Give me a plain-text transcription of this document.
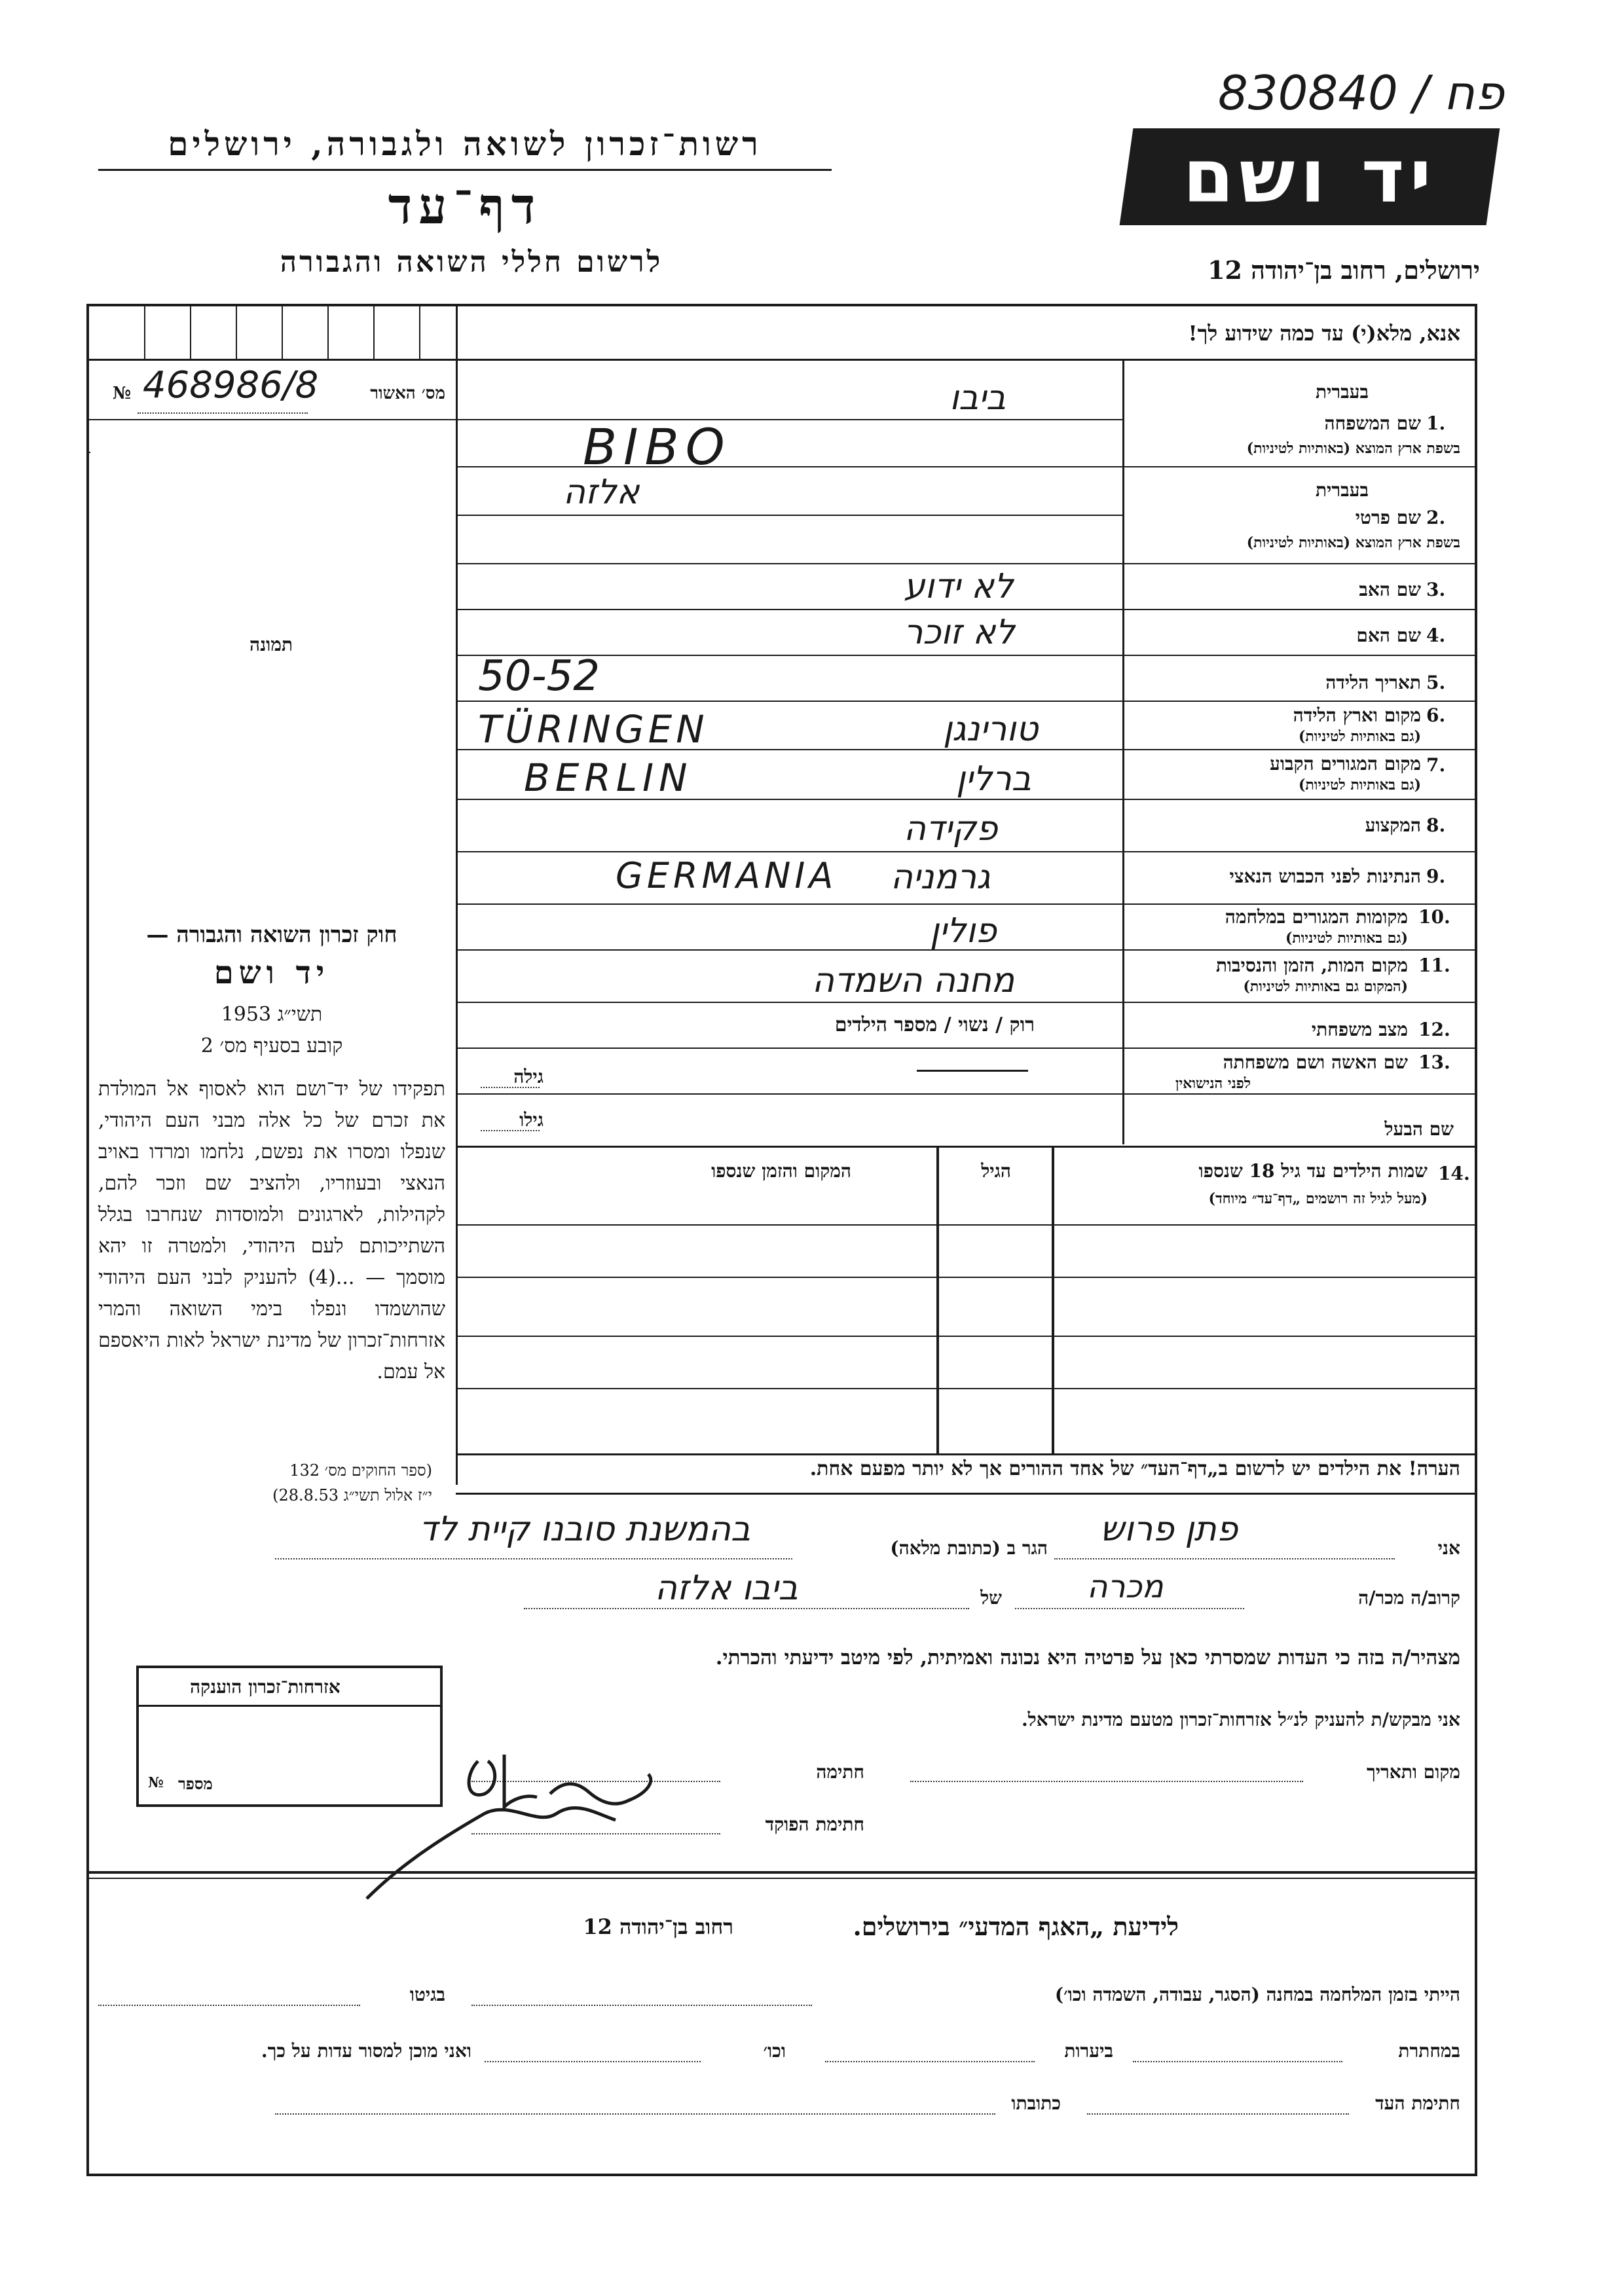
830840 / פח
רשות־זכרון לשואה ולגבורה, ירושלים
דף־עד
לרשום חללי השואה והגבורה
יד ושם
ירושלים, רחוב בן־יהודה 12
אנא, מלא(י) עד כמה שידוע לך!
מס׳ האשור
№ 468986/8
תמונה
1.
בעברית
שם המשפחה
בשפת ארץ המוצא (באותיות לטיניות)
ביבו
BIBO
2.
בעברית
שם פרטי
בשפת ארץ המוצא (באותיות לטיניות)
אלזה
3.
שם האב
לא ידוע
4.
שם האם
לא זוכר
5.
תאריך הלידה
50-52
6.
מקום וארץ הלידה
(גם באותיות לטיניות)
טורינגן
TÜRINGEN
7.
מקום המגורים הקבוע
(גם באותיות לטיניות)
ברלין
BERLIN
8.
המקצוע
פקידה
9.
הנתינות לפני הכבוש הנאצי
גרמניה
GERMANIA
10.
מקומות המגורים במלחמה
(גם באותיות לטיניות)
פולין
11.
מקום המות, הזמן והנסיבות
(המקום גם באותיות לטיניות)
מחנה השמדה
12.
מצב משפחתי
רוק / נשוי / מספר הילדים
13.
שם האשה ושם משפחתה
לפני הנישואין
גילה
שם הבעל
גילו
14.
שמות הילדים עד גיל 18 שנספו
(מעל לגיל זה רושמים „דף־עד״ מיוחד)
הגיל
המקום והזמן שנספו
הערה! את הילדים יש לרשום ב„דף־העד״ של אחד ההורים אך לא יותר מפעם אחת.
חוק זכרון השואה והגבורה —
יד ושם
תשי״ג 1953
קובע בסעיף מס׳ 2
תפקידו של יד־ושם הוא לאסוף אל המולדת את זכרם של כל אלה מבני העם היהודי, שנפלו ומסרו את נפשם, נלחמו ומרדו באויב הנאצי ובעוזריו, ולהציב שם וזכר להם, לקהילות, לארגונים ולמוסדות שנחרבו בגלל השתייכותם לעם היהודי, ולמטרה זו יהא מוסמך — ...(4) להעניק לבני העם היהודי שהושמדו ונפלו בימי השואה והמרי אזרחות־זכרון של מדינת ישראל לאות היאספם אל עמם.
(ספר החוקים מס׳ 132
י״ז אלול תשי״ג 28.8.53)
אני
פתן פרוש
הגר ב (כתובת מלאה)
בהמשנת סובנו קיית לד
קרוב/ה מכר/ה
מכרה
של
ביבו אלזה
מצהיר/ה בזה כי העדות שמסרתי כאן על פרטיה היא נכונה ואמיתית, לפי מיטב ידיעתי והכרתי.
אזרחות־זכרון הוענקה
מספר
№
אני מבקש/ת להעניק לנ״ל אזרחות־זכרון מטעם מדינת ישראל.
מקום ותאריך
חתימה
חתימת הפוקד
לידיעת „האגף המדעי״ בירושלים.
רחוב בן־יהודה 12
הייתי בזמן המלחמה במחנה (הסגר, עבודה, השמדה וכו׳)
בגיטו
במחתרת
ביערות
וכו׳
ואני מוכן למסור עדות על כך.
חתימת העד
כתובתו
